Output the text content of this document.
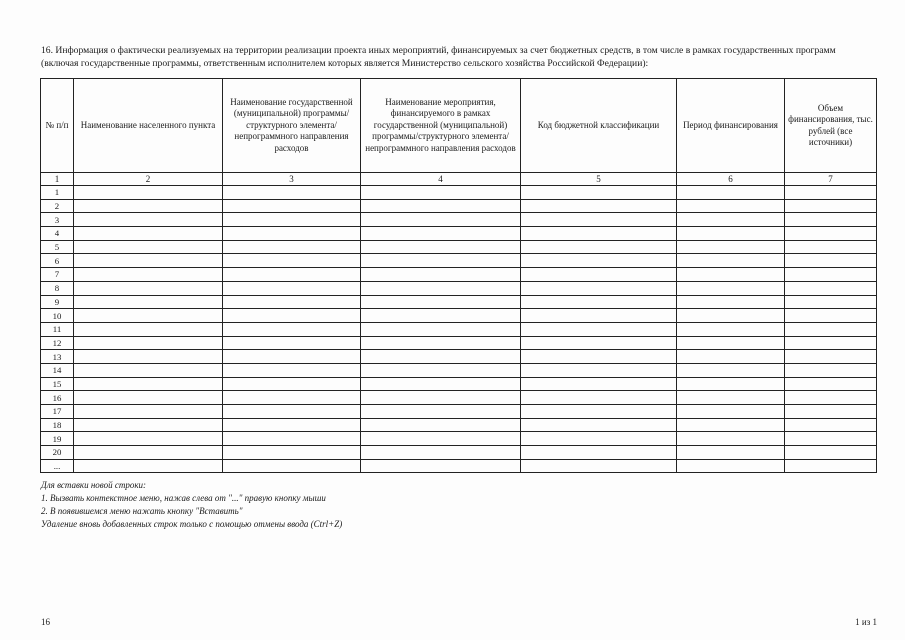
16. Информация о фактически реализуемых на территории реализации проекта иных мероприятий, финансируемых за счет бюджетных средств, в том числе в рамках государственных программ (включая государственные программы, ответственным исполнителем которых является Министерство сельского хозяйства Российской Федерации):
№ п/п	Наименование населенного пункта	Наименование государственной (муниципальной) программы/структурного элемента/непрограммного направления расходов	Наименование мероприятия, финансируемого в рамках государственной (муниципальной) программы/структурного элемента/непрограммного направления расходов	Код бюджетной классификации	Период финансирования	Объем финансирования, тыс. рублей (все источники)
1	2	3	4	5	6	7
1						
2						
3						
4						
5						
6						
7						
8						
9						
10						
11						
12						
13						
14						
15						
16						
17						
18						
19						
20						
...						
Для вставки новой строки:
1. Вызвать контекстное меню, нажав слева от "..." правую кнопку мыши
2. В появившемся меню нажать кнопку "Вставить"
Удаление вновь добавленных строк только с помощью отмены ввода (Ctrl+Z)
16	1 из 1
